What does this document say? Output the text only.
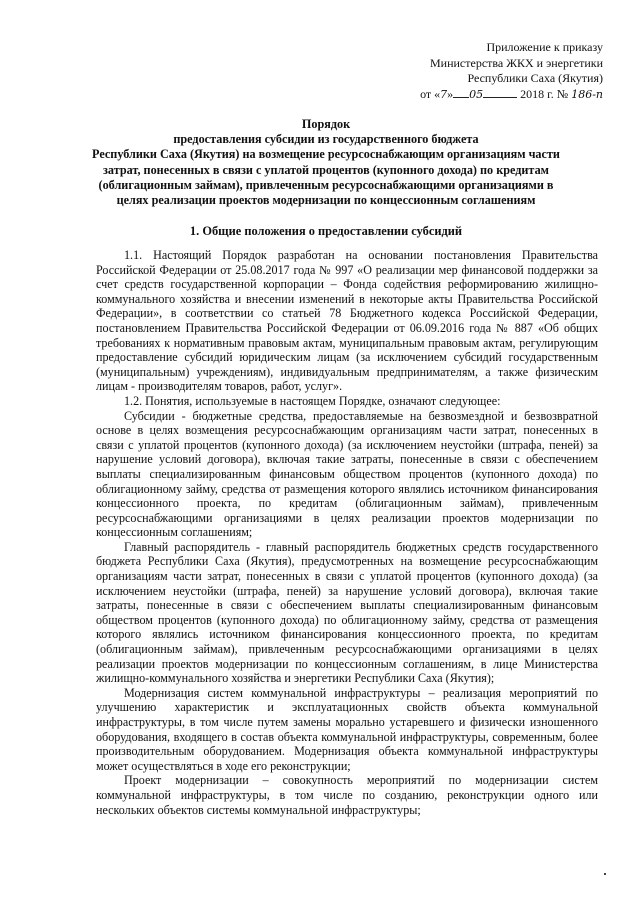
Приложение к приказу
Министерства ЖКХ и энергетики
Республики Саха (Якутия)
от «7» 05	2018 г. № 186-п
Порядок
предоставления субсидии из государственного бюджета
Республики Саха (Якутия) на возмещение ресурсоснабжающим организациям части
затрат, понесенных в связи с уплатой процентов (купонного дохода) по кредитам
(облигационным займам), привлеченным ресурсоснабжающими организациями в
целях реализации проектов модернизации по концессионным соглашениям
1. Общие положения о предоставлении субсидий

1.1. Настоящий Порядок разработан на основании постановления Правительства Российской Федерации от 25.08.2017 года № 997 «О реализации мер финансовой поддержки за счет средств государственной корпорации – Фонда содействия реформированию жилищно-коммунального хозяйства и внесении изменений в некоторые акты Правительства Российской Федерации», в соответствии со статьей 78 Бюджетного кодекса Российской Федерации, постановлением Правительства Российской Федерации от 06.09.2016 года № 887 «Об общих требованиях к нормативным правовым актам, муниципальным правовым актам, регулирующим предоставление субсидий юридическим лицам (за исключением субсидий государственным (муниципальным) учреждениям), индивидуальным предпринимателям, а также физическим лицам - производителям товаров, работ, услуг».

1.2. Понятия, используемые в настоящем Порядке, означают следующее:

Субсидии - бюджетные средства, предоставляемые на безвозмездной и безвозвратной основе в целях возмещения ресурсоснабжающим организациям части затрат, понесенных в связи с уплатой процентов (купонного дохода) (за исключением неустойки (штрафа, пеней) за нарушение условий договора), включая такие затраты, понесенные в связи с обеспечением выплаты специализированным финансовым обществом процентов (купонного дохода) по облигационному займу, средства от размещения которого являлись источником финансирования концессионного проекта, по кредитам (облигационным займам), привлеченным ресурсоснабжающими организациями в целях реализации проектов модернизации по концессионным соглашениям;

Главный распорядитель - главный распорядитель бюджетных средств государственного бюджета Республики Саха (Якутия), предусмотренных на возмещение ресурсоснабжающим организациям части затрат, понесенных в связи с уплатой процентов (купонного дохода) (за исключением неустойки (штрафа, пеней) за нарушение условий договора), включая такие затраты, понесенные в связи с обеспечением выплаты специализированным финансовым обществом процентов (купонного дохода) по облигационному займу, средства от размещения которого являлись источником финансирования концессионного проекта, по кредитам (облигационным займам), привлеченным ресурсоснабжающими организациями в целях реализации проектов модернизации по концессионным соглашениям, в лице Министерства жилищно-коммунального хозяйства и энергетики Республики Саха (Якутия);

Модернизация систем коммунальной инфраструктуры – реализация мероприятий по улучшению характеристик и эксплуатационных свойств объекта коммунальной инфраструктуры, в том числе путем замены морально устаревшего и физически изношенного оборудования, входящего в состав объекта коммунальной инфраструктуры, современным, более производительным оборудованием. Модернизация объекта коммунальной инфраструктуры может осуществляться в ходе его реконструкции;

Проект модернизации – совокупность мероприятий по модернизации систем коммунальной инфраструктуры, в том числе по созданию, реконструкции одного или нескольких объектов системы коммунальной инфраструктуры;
